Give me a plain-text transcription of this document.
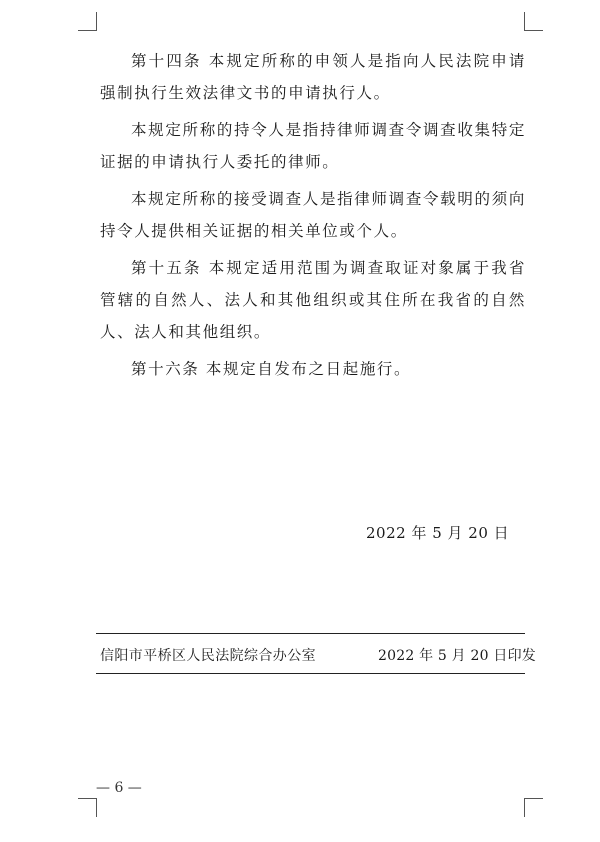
第十四条 本规定所称的申领人是指向人民法院申请强制执行生效法律文书的申请执行人。

本规定所称的持令人是指持律师调查令调查收集特定证据的申请执行人委托的律师。

本规定所称的接受调查人是指律师调查令载明的须向持令人提供相关证据的相关单位或个人。

第十五条 本规定适用范围为调查取证对象属于我省管辖的自然人、法人和其他组织或其住所在我省的自然人、法人和其他组织。

第十六条 本规定自发布之日起施行。

2022 年 5 月 20 日
信阳市平桥区人民法院综合办公室	2022 年 5 月 20 日印发
— 6 —
